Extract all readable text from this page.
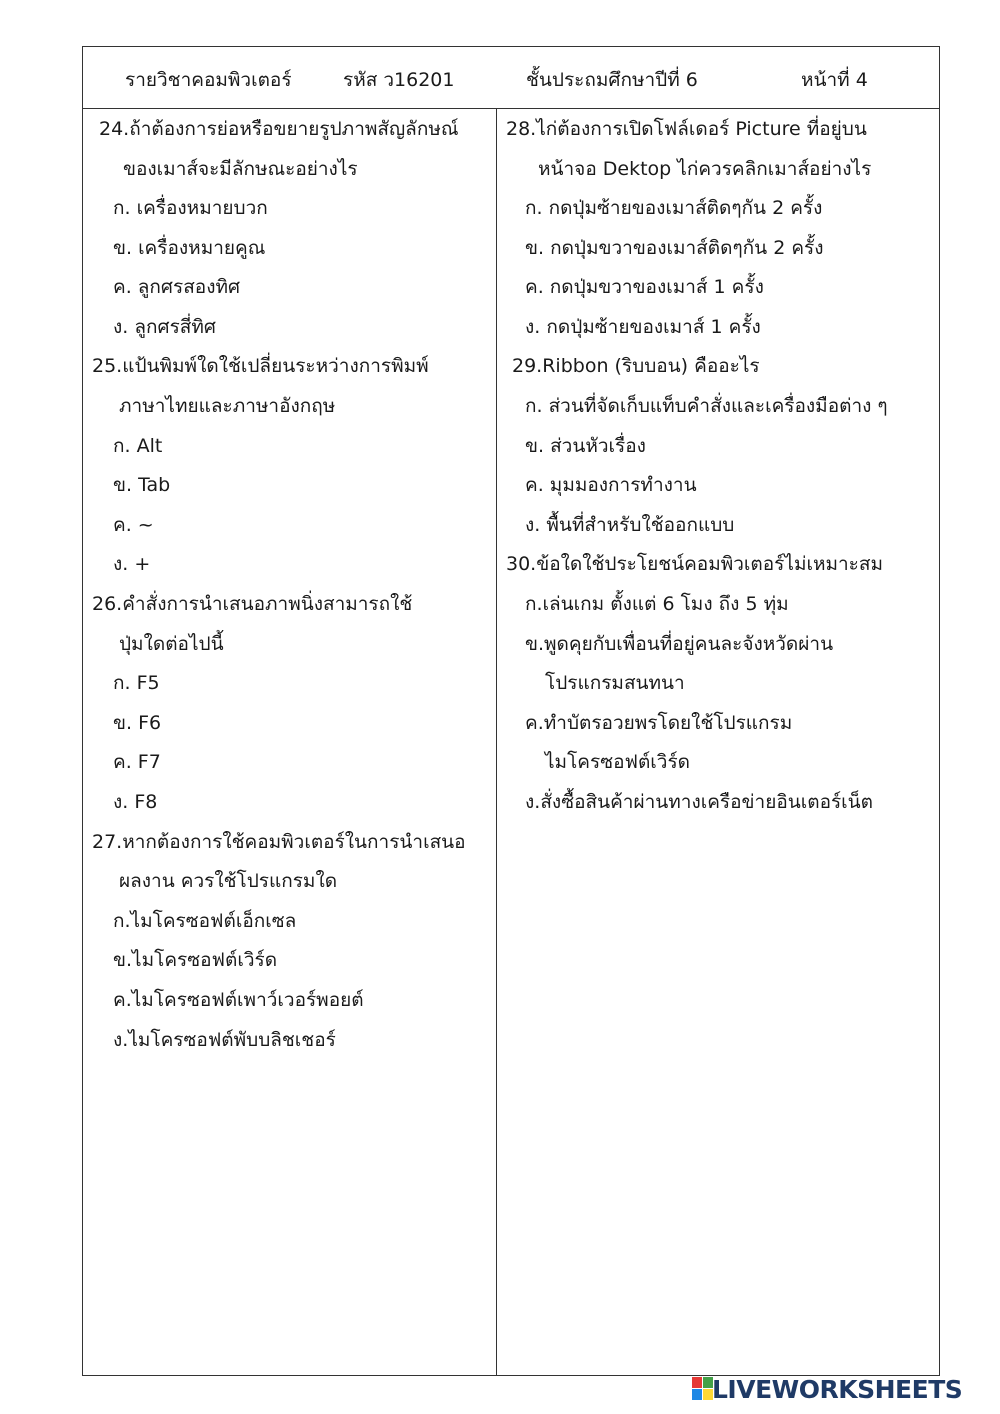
รายวิชาคอมพิวเตอร์	รหัส ว16201	ชั้นประถมศึกษาปีที่ 6	หน้าที่ 4
24.ถ้าต้องการย่อหรือขยายรูปภาพสัญลักษณ์
ของเมาส์จะมีลักษณะอย่างไร
ก. เครื่องหมายบวก
ข. เครื่องหมายคูณ
ค. ลูกศรสองทิศ
ง. ลูกศรสี่ทิศ
25.แป้นพิมพ์ใดใช้เปลี่ยนระหว่างการพิมพ์
ภาษาไทยและภาษาอังกฤษ
ก. Alt
ข. Tab
ค. ~
ง. +
26.คำสั่งการนำเสนอภาพนิ่งสามารถใช้
ปุ่มใดต่อไปนี้
ก. F5
ข. F6
ค. F7
ง. F8
27.หากต้องการใช้คอมพิวเตอร์ในการนำเสนอ
ผลงาน ควรใช้โปรแกรมใด
ก.ไมโครซอฟต์เอ็กเซล
ข.ไมโครซอฟต์เวิร์ด
ค.ไมโครซอฟต์เพาว์เวอร์พอยต์
ง.ไมโครซอฟต์พับบลิชเชอร์
28.ไก่ต้องการเปิดโฟล์เดอร์ Picture ที่อยู่บน
หน้าจอ Dektop ไก่ควรคลิกเมาส์อย่างไร
ก. กดปุ่มซ้ายของเมาส์ติดๆกัน 2 ครั้ง
ข. กดปุ่มขวาของเมาส์ติดๆกัน 2 ครั้ง
ค. กดปุ่มขวาของเมาส์ 1 ครั้ง
ง. กดปุ่มซ้ายของเมาส์ 1 ครั้ง
29.Ribbon (ริบบอน) คืออะไร
ก. ส่วนที่จัดเก็บแท็บคำสั่งและเครื่องมือต่าง ๆ
ข. ส่วนหัวเรื่อง
ค. มุมมองการทำงาน
ง. พื้นที่สำหรับใช้ออกแบบ
30.ข้อใดใช้ประโยชน์คอมพิวเตอร์ไม่เหมาะสม
ก.เล่นเกม ตั้งแต่ 6 โมง ถึง 5 ทุ่ม
ข.พูดคุยกับเพื่อนที่อยู่คนละจังหวัดผ่าน
โปรแกรมสนทนา
ค.ทำบัตรอวยพรโดยใช้โปรแกรม
ไมโครซอฟต์เวิร์ด
ง.สั่งซื้อสินค้าผ่านทางเครือข่ายอินเตอร์เน็ต
LIVEWORKSHEETS
